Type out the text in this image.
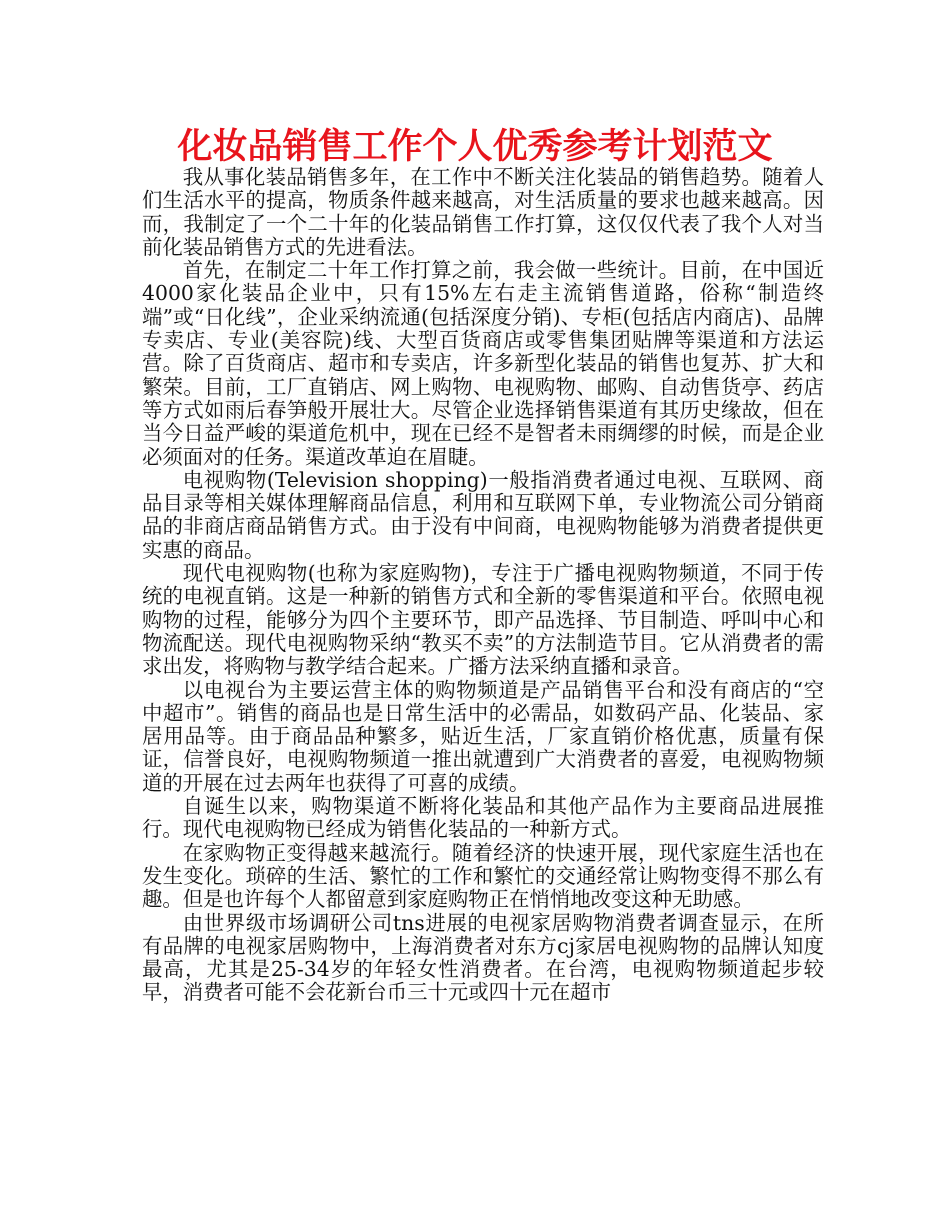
化妆品销售工作个人优秀参考计划范文

我从事化装品销售多年，在工作中不断关注化装品的销售趋势。随着人们生活水平的提高，物质条件越来越高，对生活质量的要求也越来越高。因而，我制定了一个二十年的化装品销售工作打算，这仅仅代表了我个人对当前化装品销售方式的先进看法。

首先，在制定二十年工作打算之前，我会做一些统计。目前，在中国近4000家化装品企业中，只有15%左右走主流销售道路，俗称“制造终端”或“日化线”，企业采纳流通(包括深度分销)、专柜(包括店内商店)、品牌专卖店、专业(美容院)线、大型百货商店或零售集团贴牌等渠道和方法运营。除了百货商店、超市和专卖店，许多新型化装品的销售也复苏、扩大和繁荣。目前，工厂直销店、网上购物、电视购物、邮购、自动售货亭、药店等方式如雨后春笋般开展壮大。尽管企业选择销售渠道有其历史缘故，但在当今日益严峻的渠道危机中，现在已经不是智者未雨绸缪的时候，而是企业必须面对的任务。渠道改革迫在眉睫。

电视购物(Television shopping)一般指消费者通过电视、互联网、商品目录等相关媒体理解商品信息，利用和互联网下单，专业物流公司分销商品的非商店商品销售方式。由于没有中间商，电视购物能够为消费者提供更实惠的商品。

现代电视购物(也称为家庭购物)，专注于广播电视购物频道，不同于传统的电视直销。这是一种新的销售方式和全新的零售渠道和平台。依照电视购物的过程，能够分为四个主要环节，即产品选择、节目制造、呼叫中心和物流配送。现代电视购物采纳“教买不卖”的方法制造节目。它从消费者的需求出发，将购物与教学结合起来。广播方法采纳直播和录音。

以电视台为主要运营主体的购物频道是产品销售平台和没有商店的“空中超市”。销售的商品也是日常生活中的必需品，如数码产品、化装品、家居用品等。由于商品品种繁多，贴近生活，厂家直销价格优惠，质量有保证，信誉良好，电视购物频道一推出就遭到广大消费者的喜爱，电视购物频道的开展在过去两年也获得了可喜的成绩。

自诞生以来，购物渠道不断将化装品和其他产品作为主要商品进展推行。现代电视购物已经成为销售化装品的一种新方式。

在家购物正变得越来越流行。随着经济的快速开展，现代家庭生活也在发生变化。琐碎的生活、繁忙的工作和繁忙的交通经常让购物变得不那么有趣。但是也许每个人都留意到家庭购物正在悄悄地改变这种无助感。

由世界级市场调研公司tns进展的电视家居购物消费者调查显示，在所有品牌的电视家居购物中，上海消费者对东方cj家居电视购物的品牌认知度最高，尤其是25-34岁的年轻女性消费者。在台湾，电视购物频道起步较早，消费者可能不会花新台币三十元或四十元在超市
